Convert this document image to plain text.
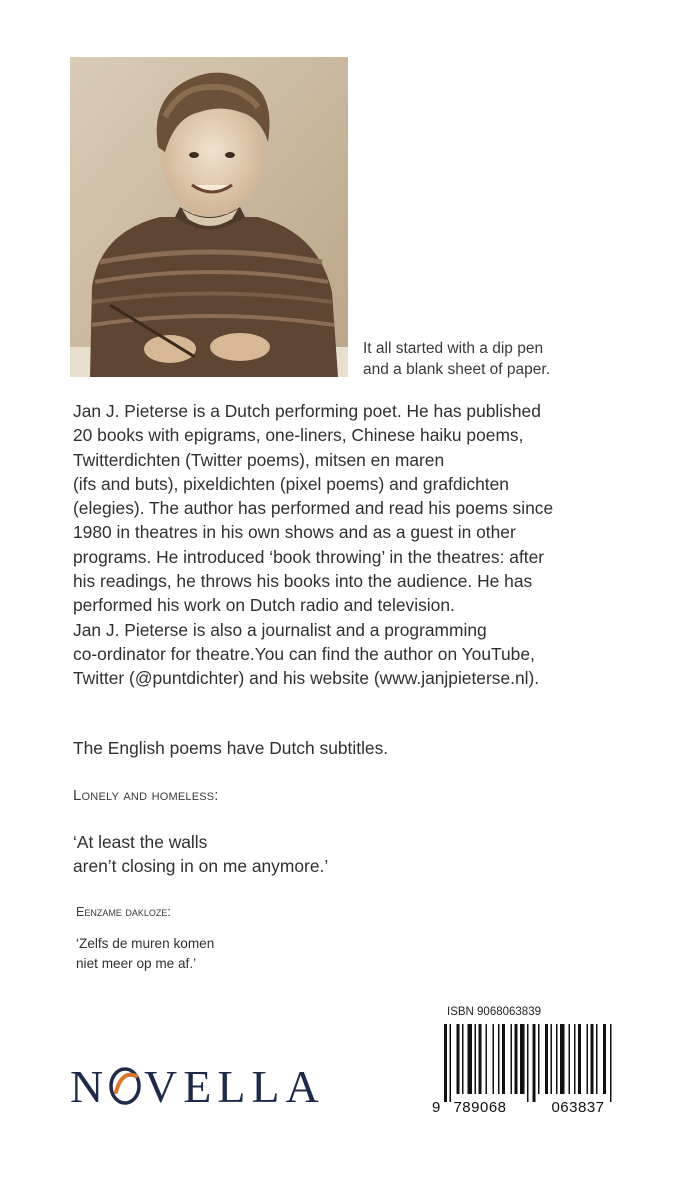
It all started with a dip pen
and a blank sheet of paper.
Jan J. Pieterse is a Dutch performing poet. He has published
20 books with epigrams, one-liners, Chinese haiku poems,
Twitterdichten (Twitter poems), mitsen en maren
(ifs and buts), pixeldichten (pixel poems) and grafdichten
(elegies). The author has performed and read his poems since
1980 in theatres in his own shows and as a guest in other
programs. He introduced ‘book throwing’ in the theatres: after
his readings, he throws his books into the audience. He has
performed his work on Dutch radio and television.
Jan J. Pieterse is also a journalist and a programming
co-ordinator for theatre.You can find the author on YouTube,
Twitter (@puntdichter) and his website (www.janjpieterse.nl).
The English poems have Dutch subtitles.
Lonely and homeless:
‘At least the walls
aren’t closing in on me anymore.’
Eenzame dakloze:
‘Zelfs de muren komen
niet meer op me af.’
ISBN 9068063839
9 789068	063837
N VELLA
